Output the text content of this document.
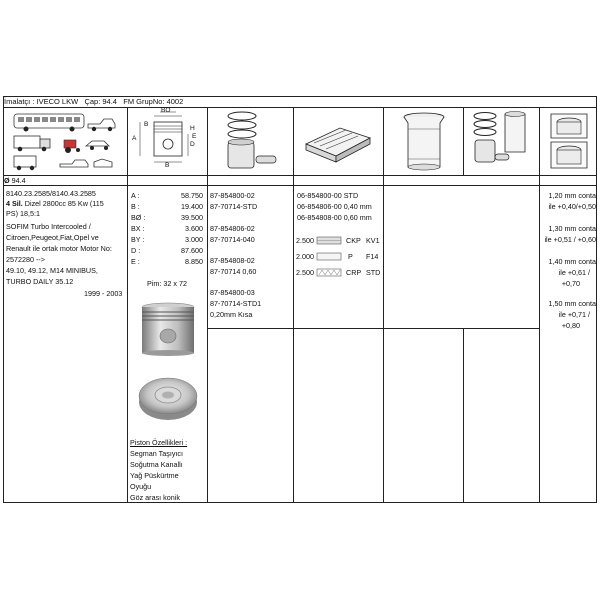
İmalatçı : IVECO LKW Çap: 94.4 FM GrupNo: 4002
A
B
BO
H
E
D
B
Ø 94.4
8140.23.2585/8140.43.2585
4 Sil. Dizel 2800cc 85 Kw (115
PS) 18,5:1
SOFIM Turbo Intercooled /
Citroen,Peugeot,Fiat,Opel ve
Renault ile ortak motor Motor No:
2572280 -->
49.10, 49.12, M14 MINIBUS,
TURBO DAILY 35.12
1999 - 2003
A :	58.750
B :	19.400
BØ :	39.500
BX :	3.600
BY :	3.000
D :	87.600
E :	8.850
Pim: 32 x 72
Piston Özellikleri :
Segman Taşıyıcı
Soğutma Kanallı
Yağ Püskürtme
Oyuğu
Göz arası konik
87-854800-02
87-70714-STD
87-854806-02
87-70714-040
87-854808-02
87-70714 0,60
87-854800-03
87-70714-STD1
0,20mm Kısa
06-854800-00 STD
06-854806-00 0,40 mm
06-854808-00 0,60 mm
2.500	CKP KV1
2.000	P F14
2.500	CRP STD
1,20 mm conta
ile +0,40/+0,50
1,30 mm conta
ile +0,51 / +0,60
1,40 mm conta
ile +0,61 /
+0,70
1,50 mm conta
ile +0,71 /
+0,80
